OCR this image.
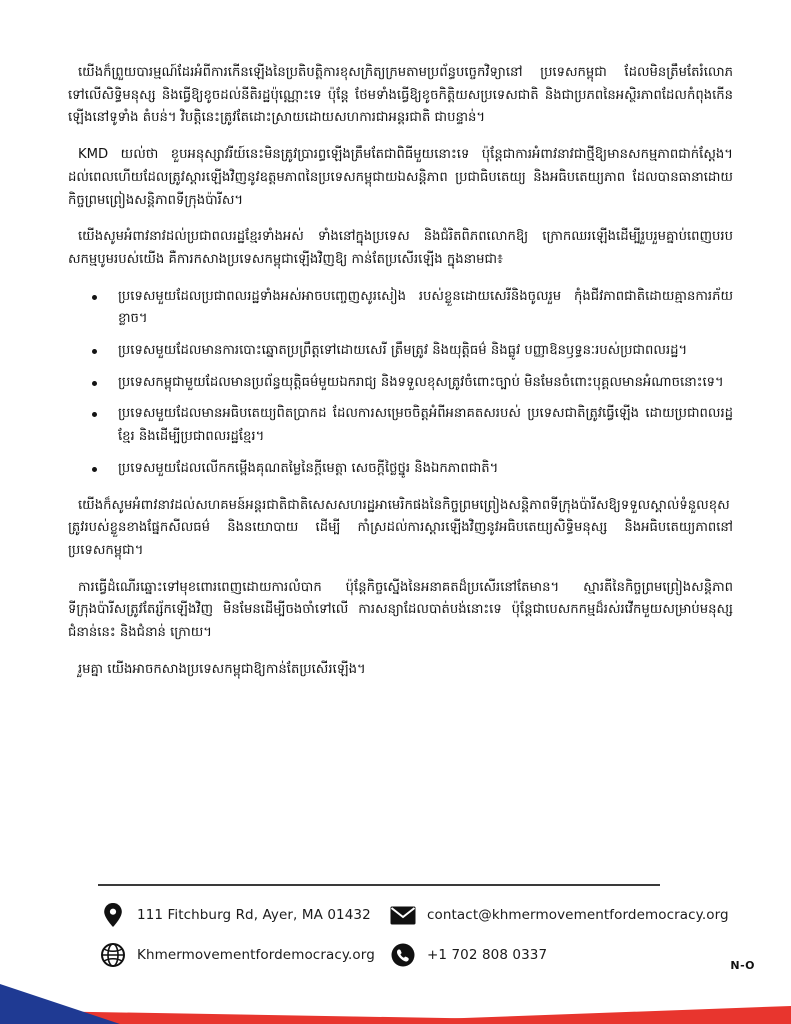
យើងក៏ព្រួយបារម្មណ៍ដែរអំពីការកើនឡើងនៃប្រតិបត្តិការខុសក្រិត្យក្រមតាមប្រព័ន្ធបច្ចេកវិទ្យានៅ ប្រទេសកម្ពុជា ដែលមិនត្រឹមតែរំលោភទៅលើសិទ្ធិមនុស្ស និងធ្វើឱ្យខូចដល់នីតិរដ្ឋប៉ុណ្ណោះទេ ប៉ុន្តែ ថែមទាំងធ្វើឱ្យខូចកិត្តិយសប្រទេសជាតិ និងជាប្រភពនៃអស្ថិរភាពដែលកំពុងកើនឡើងនៅទូទាំង តំបន់។ វិបត្តិនេះត្រូវតែដោះស្រាយដោយសហការជាអន្តរជាតិ ជាបន្ទាន់។

KMD យល់ថា ខួបអនុស្សាវរីយ៍នេះមិនត្រូវប្រារព្ធឡើងត្រឹមតែជាពិធីមួយនោះទេ ប៉ុន្តែជាការអំពាវនាវជាថ្មីឱ្យមានសកម្មភាពជាក់ស្តែង។ ដល់ពេលហើយដែលត្រូវស្តារឡើងវិញនូវឧត្តមភាពនៃប្រទេសកម្ពុជាយឯសន្តិភាព ប្រជាធិបតេយ្យ និងអធិបតេយ្យភាព ដែលបានធានាដោយកិច្ចព្រមព្រៀងសន្តិភាពទីក្រុងប៉ារីស។

យើងសូមអំពាវនាវដល់ប្រជាពលរដ្ឋខ្មែរទាំងអស់ ទាំងនៅក្នុងប្រទេស និងជំរិតពិភពលោកឱ្យ ក្រោកឈរឡើងដើម្បីរួបរួមគ្នាប់ពេញបរបសកម្មបូមរបស់យើង គឺការកសាងប្រទេសកម្ពុជាឡើងវិញឱ្យ កាន់តែប្រសើរឡើង ក្នុងនាមជា៖

ប្រទេសមួយដែលប្រជាពលរដ្ឋទាំងអស់អាចបញ្ចេញសូរសៀង របស់ខ្លួនដោយសេរីនិងចូលរួម កុំងជីវភាពជាតិដោយគ្មានការភ័យខ្លាច។
ប្រទេសមួយដែលមានការបោះឆ្នោតប្រព្រឹត្តទៅដោយសេរី ត្រឹមត្រូវ និងយុត្តិធម៌ និងធ្លូវ បញ្ញាឱនឫទ្ធនៈរបស់ប្រជាពលរដ្ឋ។
ប្រទេសកម្ពុជាមួយដែលមានប្រព័ន្ធយុត្តិធម៌មួយឯករាជ្យ និងទទួលខុសត្រូវចំពោះច្បាប់ មិនមែនចំពោះបុគ្គលមានអំណាចនោះទេ។
ប្រទេសមួយដែលមានអធិបតេយ្យពិតប្រាកដ ដែលការសម្រេចចិត្តអំពីអនាគតសរបស់ ប្រទេសជាតិត្រូវធ្វើឡើង ដោយប្រជាពលរដ្ឋខ្មែរ និងដើម្បីប្រជាពលរដ្ឋខ្មែរ។
ប្រទេសមួយដែលលើកកម្ពើងគុណតម្លៃនៃក្តីមេត្តា សេចក្តីថ្លៃថ្នូរ និងឯកភាពជាតិ។

យើងក៏សូមអំពាវនាវដល់សហគមន៍អន្តរជាតិជាតិសេសសហរដ្ឋអាមេរិកផងនៃកិច្ចព្រមព្រៀងសន្តិភាពទីក្រុងប៉ារីសឱ្យទទួលស្គាល់ទំនួលខុសត្រូវរបស់ខ្លួនខាងផ្នែកសីលធម៌ និងនយោបាយ ដើម្បី កាំស្រដល់ការស្តារឡើងវិញនូវអធិបតេយ្យសិទ្ធិមនុស្ស និងអធិបតេយ្យភាពនៅប្រទេសកម្ពុជា។

ការធ្វើដំណើរឆ្នោះទៅមុខពោរពេញដោយការលំបាក ប៉ុន្តែកិច្ចស្នើងនៃអនាគតដ៏ប្រសើរនៅតែមាន។ ស្មារតីនៃកិច្ចព្រមព្រៀងសន្តិភាពទីក្រុងប៉ារីសត្រូវតែរ្ស័កឡើងវិញ មិនមែនដើម្បីចងចាំទៅលើ ការសន្យាដែលបាត់បង់នោះទេ ប៉ុន្តែជាបេសកកម្មដ៏រស់រវើកមួយសម្រាប់មនុស្សជំនាន់នេះ និងជំនាន់ ក្រោយ។

រួមគ្នា យើងអាចកសាងប្រទេសកម្ពុជាឱ្យកាន់តែប្រសើរឡើង។

111 Fitchburg Rd, Ayer, MA 01432	contact@khmermovementfordemocracy.org
Khmermovementfordemocracy.org	+1 702 808 0337
N-O
